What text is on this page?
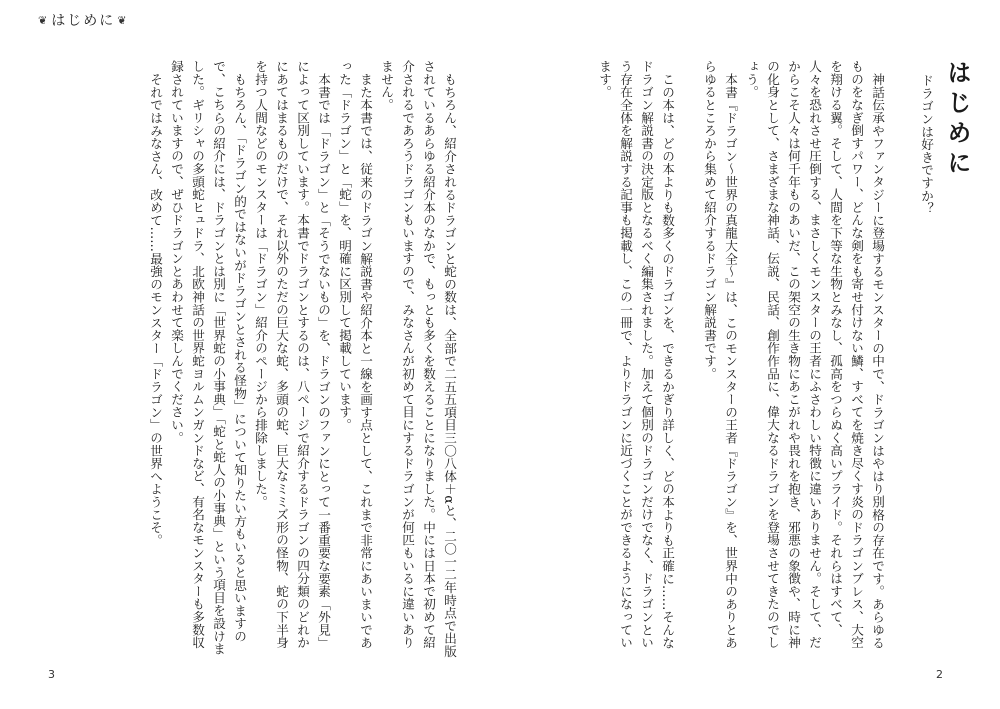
❦ はじめに ❦

はじめに

ドラゴンは好きですか？

神話伝承やファンタジーに登場するモンスターの中で、ドラゴンはやはり別格の存在です。あらゆるものをなぎ倒すパワー、どんな剣をも寄せ付けない鱗、すべてを焼き尽くす炎のドラゴンブレス、大空を翔ける翼。そして、人間を下等な生物とみなし、孤高をつらぬく高いプライド。それらはすべて、人々を恐れさせ圧倒する、まさしくモンスターの王者にふさわしい特徴に違いありません。そして、だからこそ人々は何千年ものあいだ、この架空の生き物にあこがれや畏れを抱き、邪悪の象徴や、時に神の化身として、さまざまな神話、伝説、民話、創作作品に、偉大なるドラゴンを登場させてきたのでしょう。

本書『ドラゴン〜世界の真龍大全〜』は、このモンスターの王者『ドラゴン』を、世界中のありとあらゆるところから集めて紹介するドラゴン解説書です。

この本は、どの本よりも数多くのドラゴンを、できるかぎり詳しく、どの本よりも正確に……そんなドラゴン解説書の決定版となるべく編集されました。加えて個別のドラゴンだけでなく、ドラゴンという存在全体を解説する記事も掲載し、この一冊で、よりドラゴンに近づくことができるようになっています。

もちろん、紹介されるドラゴンと蛇の数は、全部で二五五項目三〇八体＋αと、二〇一二年時点で出版されているあらゆる紹介本のなかで、もっとも多くを数えることになりました。中には日本で初めて紹介されるであろうドラゴンもいますので、みなさんが初めて目にするドラゴンが何匹もいるに違いありません。

また本書では、従来のドラゴン解説書や紹介本と一線を画す点として、これまで非常にあいまいであった「ドラゴン」と「蛇」を、明確に区別して掲載しています。

本書では「ドラゴン」と「そうでないもの」を、ドラゴンのファンにとって一番重要な要素「外見」によって区別しています。本書でドラゴンとするのは、八ページで紹介するドラゴンの四分類のどれかにあてはまるものだけで、それ以外のただの巨大な蛇、多頭の蛇、巨大なミミズ形の怪物、蛇の下半身を持つ人間などのモンスターは「ドラゴン」紹介のページから排除しました。

もちろん、「ドラゴン的ではないがドラゴンとされる怪物」について知りたい方もいると思いますので、こちらの紹介には、ドラゴンとは別に「世界蛇の小事典」「蛇と蛇人の小事典」という項目を設けました。ギリシャの多頭蛇ヒュドラ、北欧神話の世界蛇ヨルムンガンドなど、有名なモンスターも多数収録されていますので、ぜひドラゴンとあわせて楽しんでください。

それではみなさん、改めて……最強のモンスター「ドラゴン」の世界へようこそ。

3	2
